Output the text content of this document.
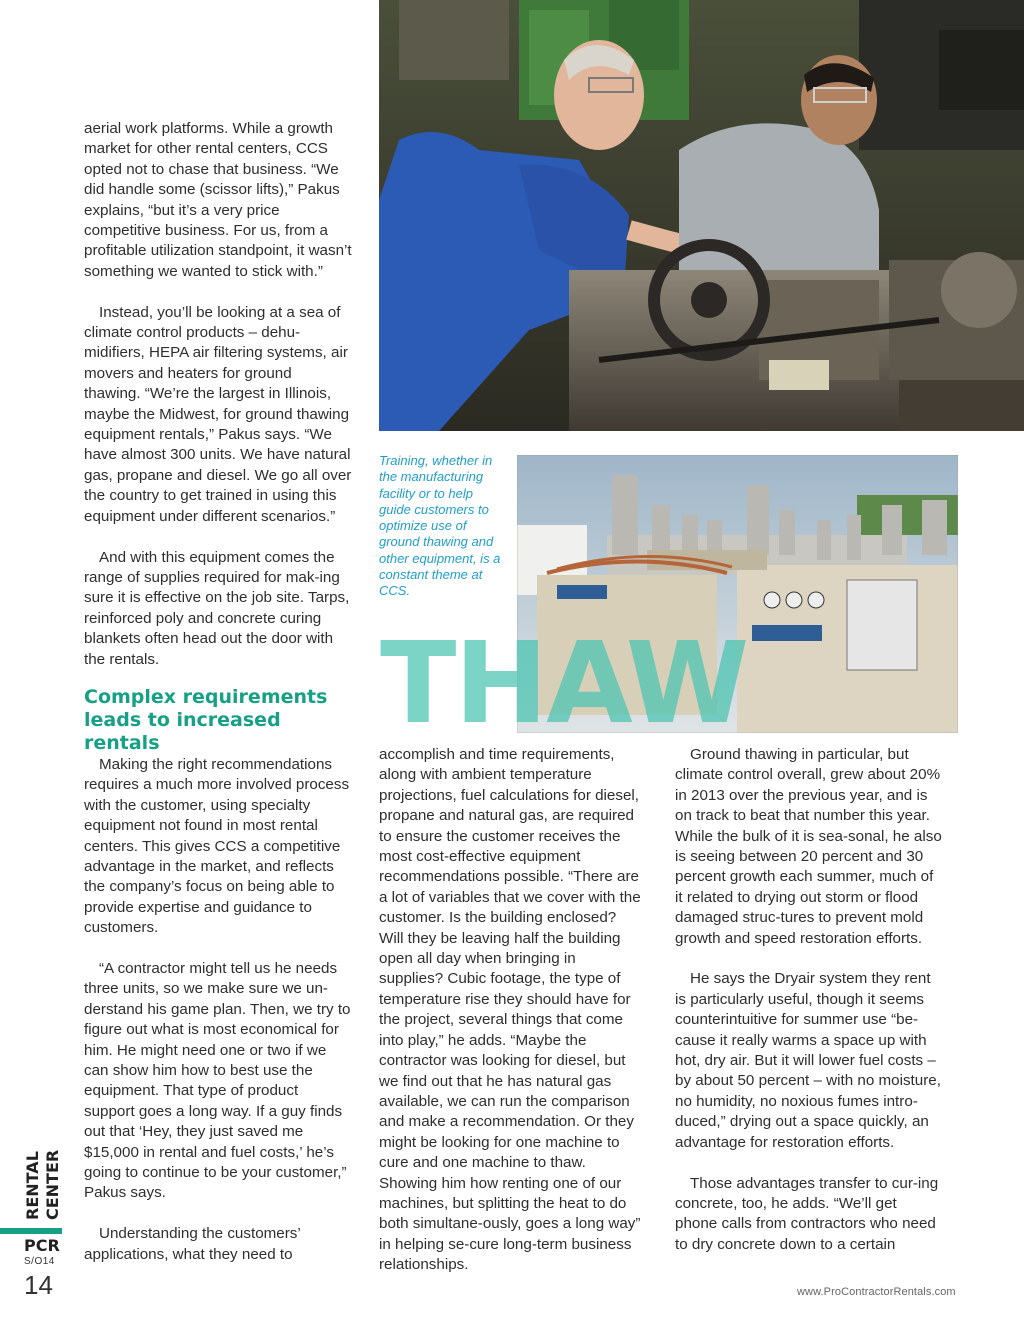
Training, whether in the manufacturing facility or to help guide customers to optimize use of ground thawing and other equipment, is a constant theme at CCS.
THAW

aerial work platforms. While a growth market for other rental centers, CCS opted not to chase that business. “We did handle some (scissor lifts),” Pakus explains, “but it’s a very price competitive business. For us, from a profitable utilization standpoint, it wasn’t something we wanted to stick with.”

Instead, you’ll be looking at a sea of climate control products – dehu-midifiers, HEPA air filtering systems, air movers and heaters for ground thawing. “We’re the largest in Illinois, maybe the Midwest, for ground thawing equipment rentals,” Pakus says. “We have almost 300 units. We have natural gas, propane and diesel. We go all over the country to get trained in using this equipment under different scenarios.”

And with this equipment comes the range of supplies required for mak-ing sure it is effective on the job site. Tarps, reinforced poly and concrete curing blankets often head out the door with the rentals.

Complex requirements leads to increased rentals

Making the right recommendations requires a much more involved process with the customer, using specialty equipment not found in most rental centers. This gives CCS a competitive advantage in the market, and reflects the company’s focus on being able to provide expertise and guidance to customers.

“A contractor might tell us he needs three units, so we make sure we un-derstand his game plan. Then, we try to figure out what is most economical for him. He might need one or two if we can show him how to best use the equipment. That type of product support goes a long way. If a guy finds out that ‘Hey, they just saved me $15,000 in rental and fuel costs,’ he’s going to continue to be your customer,” Pakus says.

Understanding the customers’ applications, what they need to

accomplish and time requirements, along with ambient temperature projections, fuel calculations for diesel, propane and natural gas, are required to ensure the customer receives the most cost-effective equipment recommendations possible. “There are a lot of variables that we cover with the customer. Is the building enclosed? Will they be leaving half the building open all day when bringing in supplies? Cubic footage, the type of temperature rise they should have for the project, several things that come into play,” he adds. “Maybe the contractor was looking for diesel, but we find out that he has natural gas available, we can run the comparison and make a recommendation. Or they might be looking for one machine to cure and one machine to thaw. Showing him how renting one of our machines, but splitting the heat to do both simultane-ously, goes a long way” in helping se-cure long-term business relationships.

Ground thawing in particular, but climate control overall, grew about 20% in 2013 over the previous year, and is on track to beat that number this year. While the bulk of it is sea-sonal, he also is seeing between 20 percent and 30 percent growth each summer, much of it related to drying out storm or flood damaged struc-tures to prevent mold growth and speed restoration efforts.

He says the Dryair system they rent is particularly useful, though it seems counterintuitive for summer use “be-cause it really warms a space up with hot, dry air. But it will lower fuel costs – by about 50 percent – with no moisture, no humidity, no noxious fumes intro-duced,” drying out a space quickly, an advantage for restoration efforts.

Those advantages transfer to cur-ing concrete, too, he adds. “We’ll get phone calls from contractors who need to dry concrete down to a certain

RENTAL CENTER
PCR
S/O14
14	www.ProContractorRentals.com
